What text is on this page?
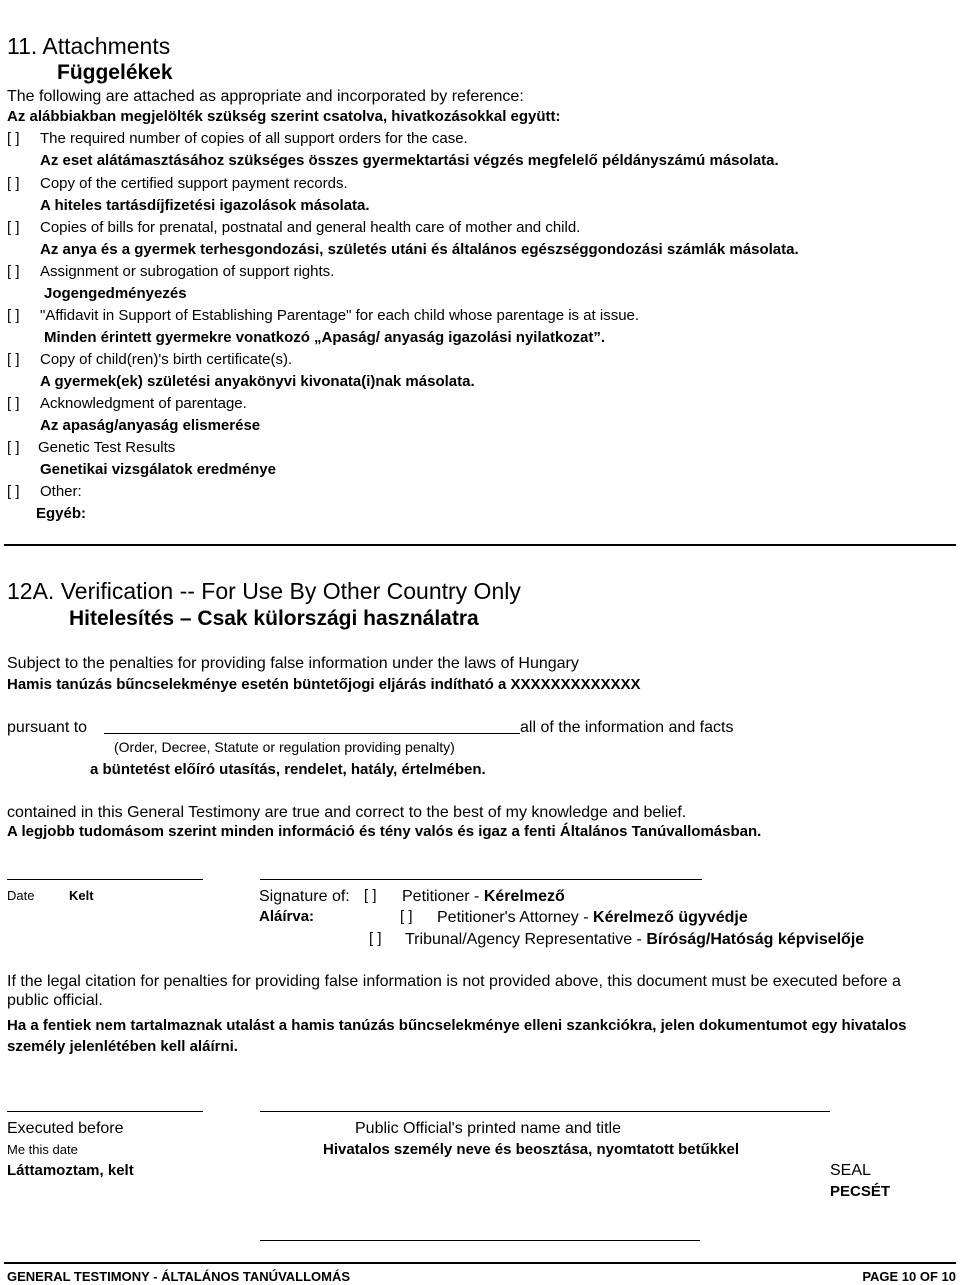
11. Attachments
Függelékek
The following are attached as appropriate and incorporated by reference:
Az alábbiakban megjelölték szükség szerint csatolva, hivatkozásokkal együtt:
[ ] The required number of copies of all support orders for the case.
Az eset alátámasztásához szükséges összes gyermektartási végzés megfelelő példányszámú másolata.
[ ] Copy of the certified support payment records.
A hiteles tartásdíjfizetési igazolások másolata.
[ ] Copies of bills for prenatal, postnatal and general health care of mother and child.
Az anya és a gyermek terhesgondozási, születés utáni és általános egészséggondozási számlák másolata.
[ ] Assignment or subrogation of support rights.
Jogengedményezés
[ ] "Affidavit in Support of Establishing Parentage" for each child whose parentage is at issue.
Minden érintett gyermekre vonatkozó „Apaság/ anyaság igazolási nyilatkozat”.
[ ] Copy of child(ren)'s birth certificate(s).
A gyermek(ek) születési anyakönyvi kivonata(i)nak másolata.
[ ] Acknowledgment of parentage.
Az apaság/anyaság elismerése
[ ] Genetic Test Results
Genetikai vizsgálatok eredménye
[ ] Other:
Egyéb:
12A. Verification -- For Use By Other Country Only
Hitelesítés – Csak külországi használatra
Subject to the penalties for providing false information under the laws of Hungary
Hamis tanúzás bűncselekménye esetén büntetőjogi eljárás indítható a XXXXXXXXXXXXX
pursuant to	all of the information and facts
(Order, Decree, Statute or regulation providing penalty)
a büntetést előíró utasítás, rendelet, hatály, értelmében.
contained in this General Testimony are true and correct to the best of my knowledge and belief.
A legjobb tudomásom szerint minden információ és tény valós és igaz a fenti Általános Tanúvallomásban.
Date	Kelt	Signature of:
Aláírva:
[ ] Petitioner - Kérelmező
[ ] Petitioner's Attorney - Kérelmező ügyvédje
[ ] Tribunal/Agency Representative - Bíróság/Hatóság képviselője
If the legal citation for penalties for providing false information is not provided above, this document must be executed before a public official.
Ha a fentiek nem tartalmaznak utalást a hamis tanúzás bűncselekménye elleni szankciókra, jelen dokumentumot egy hivatalos személy jelenlétében kell aláírni.
Executed before
Me this date
Láttamoztam, kelt
Public Official's printed name and title
Hivatalos személy neve és beosztása, nyomtatott betűkkel
SEAL
PECSÉT
GENERAL TESTIMONY - ÁLTALÁNOS TANÚVALLOMÁS	PAGE 10 OF 10
